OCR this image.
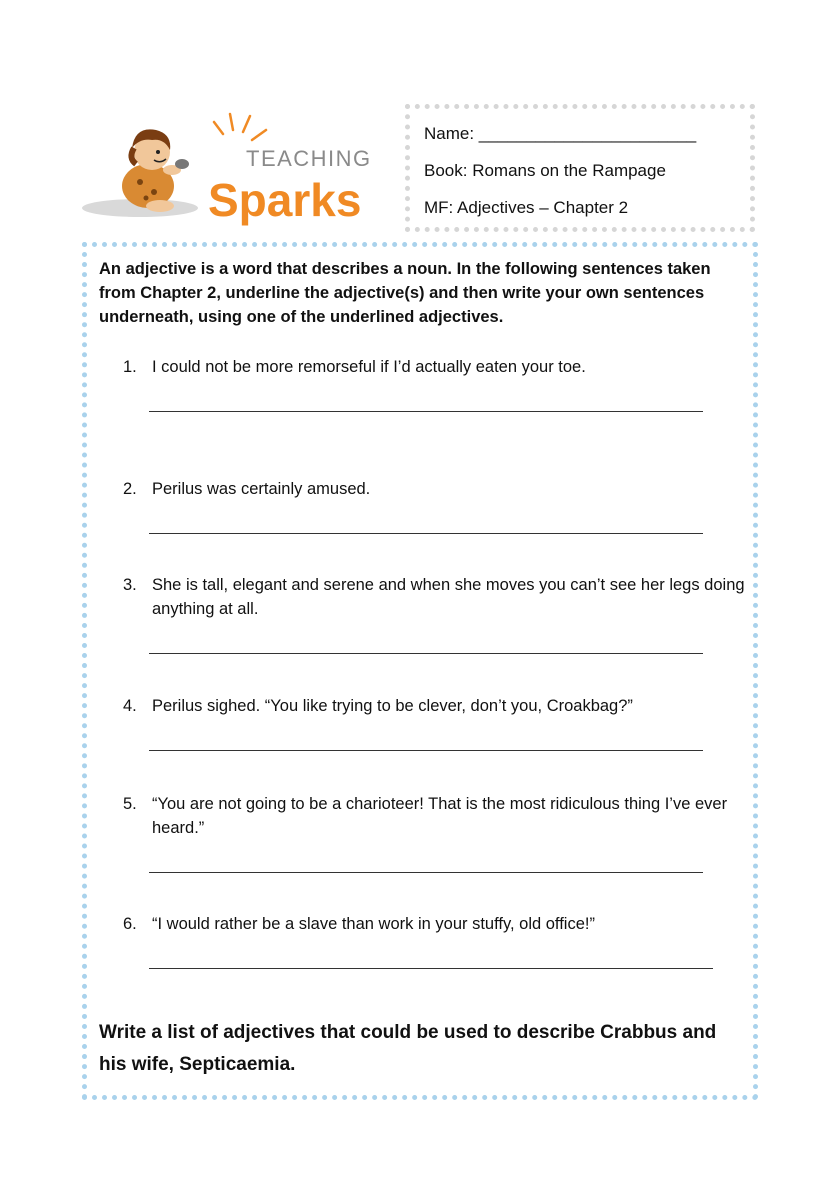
TEACHING
Sparks
Name: _______________________
Book: Romans on the Rampage
MF: Adjectives – Chapter 2

An adjective is a word that describes a noun. In the following sentences taken from Chapter 2, underline the adjective(s) and then write your own sentences underneath, using one of the underlined adjectives.

1. I could not be more remorseful if I’d actually eaten your toe.
2. Perilus was certainly amused.
3. She is tall, elegant and serene and when she moves you can’t see her legs doing anything at all.
4. Perilus sighed. “You like trying to be clever, don’t you, Croakbag?”
5. “You are not going to be a charioteer! That is the most ridiculous thing I’ve ever heard.”
6. “I would rather be a slave than work in your stuffy, old office!”

Write a list of adjectives that could be used to describe Crabbus and his wife, Septicaemia.
